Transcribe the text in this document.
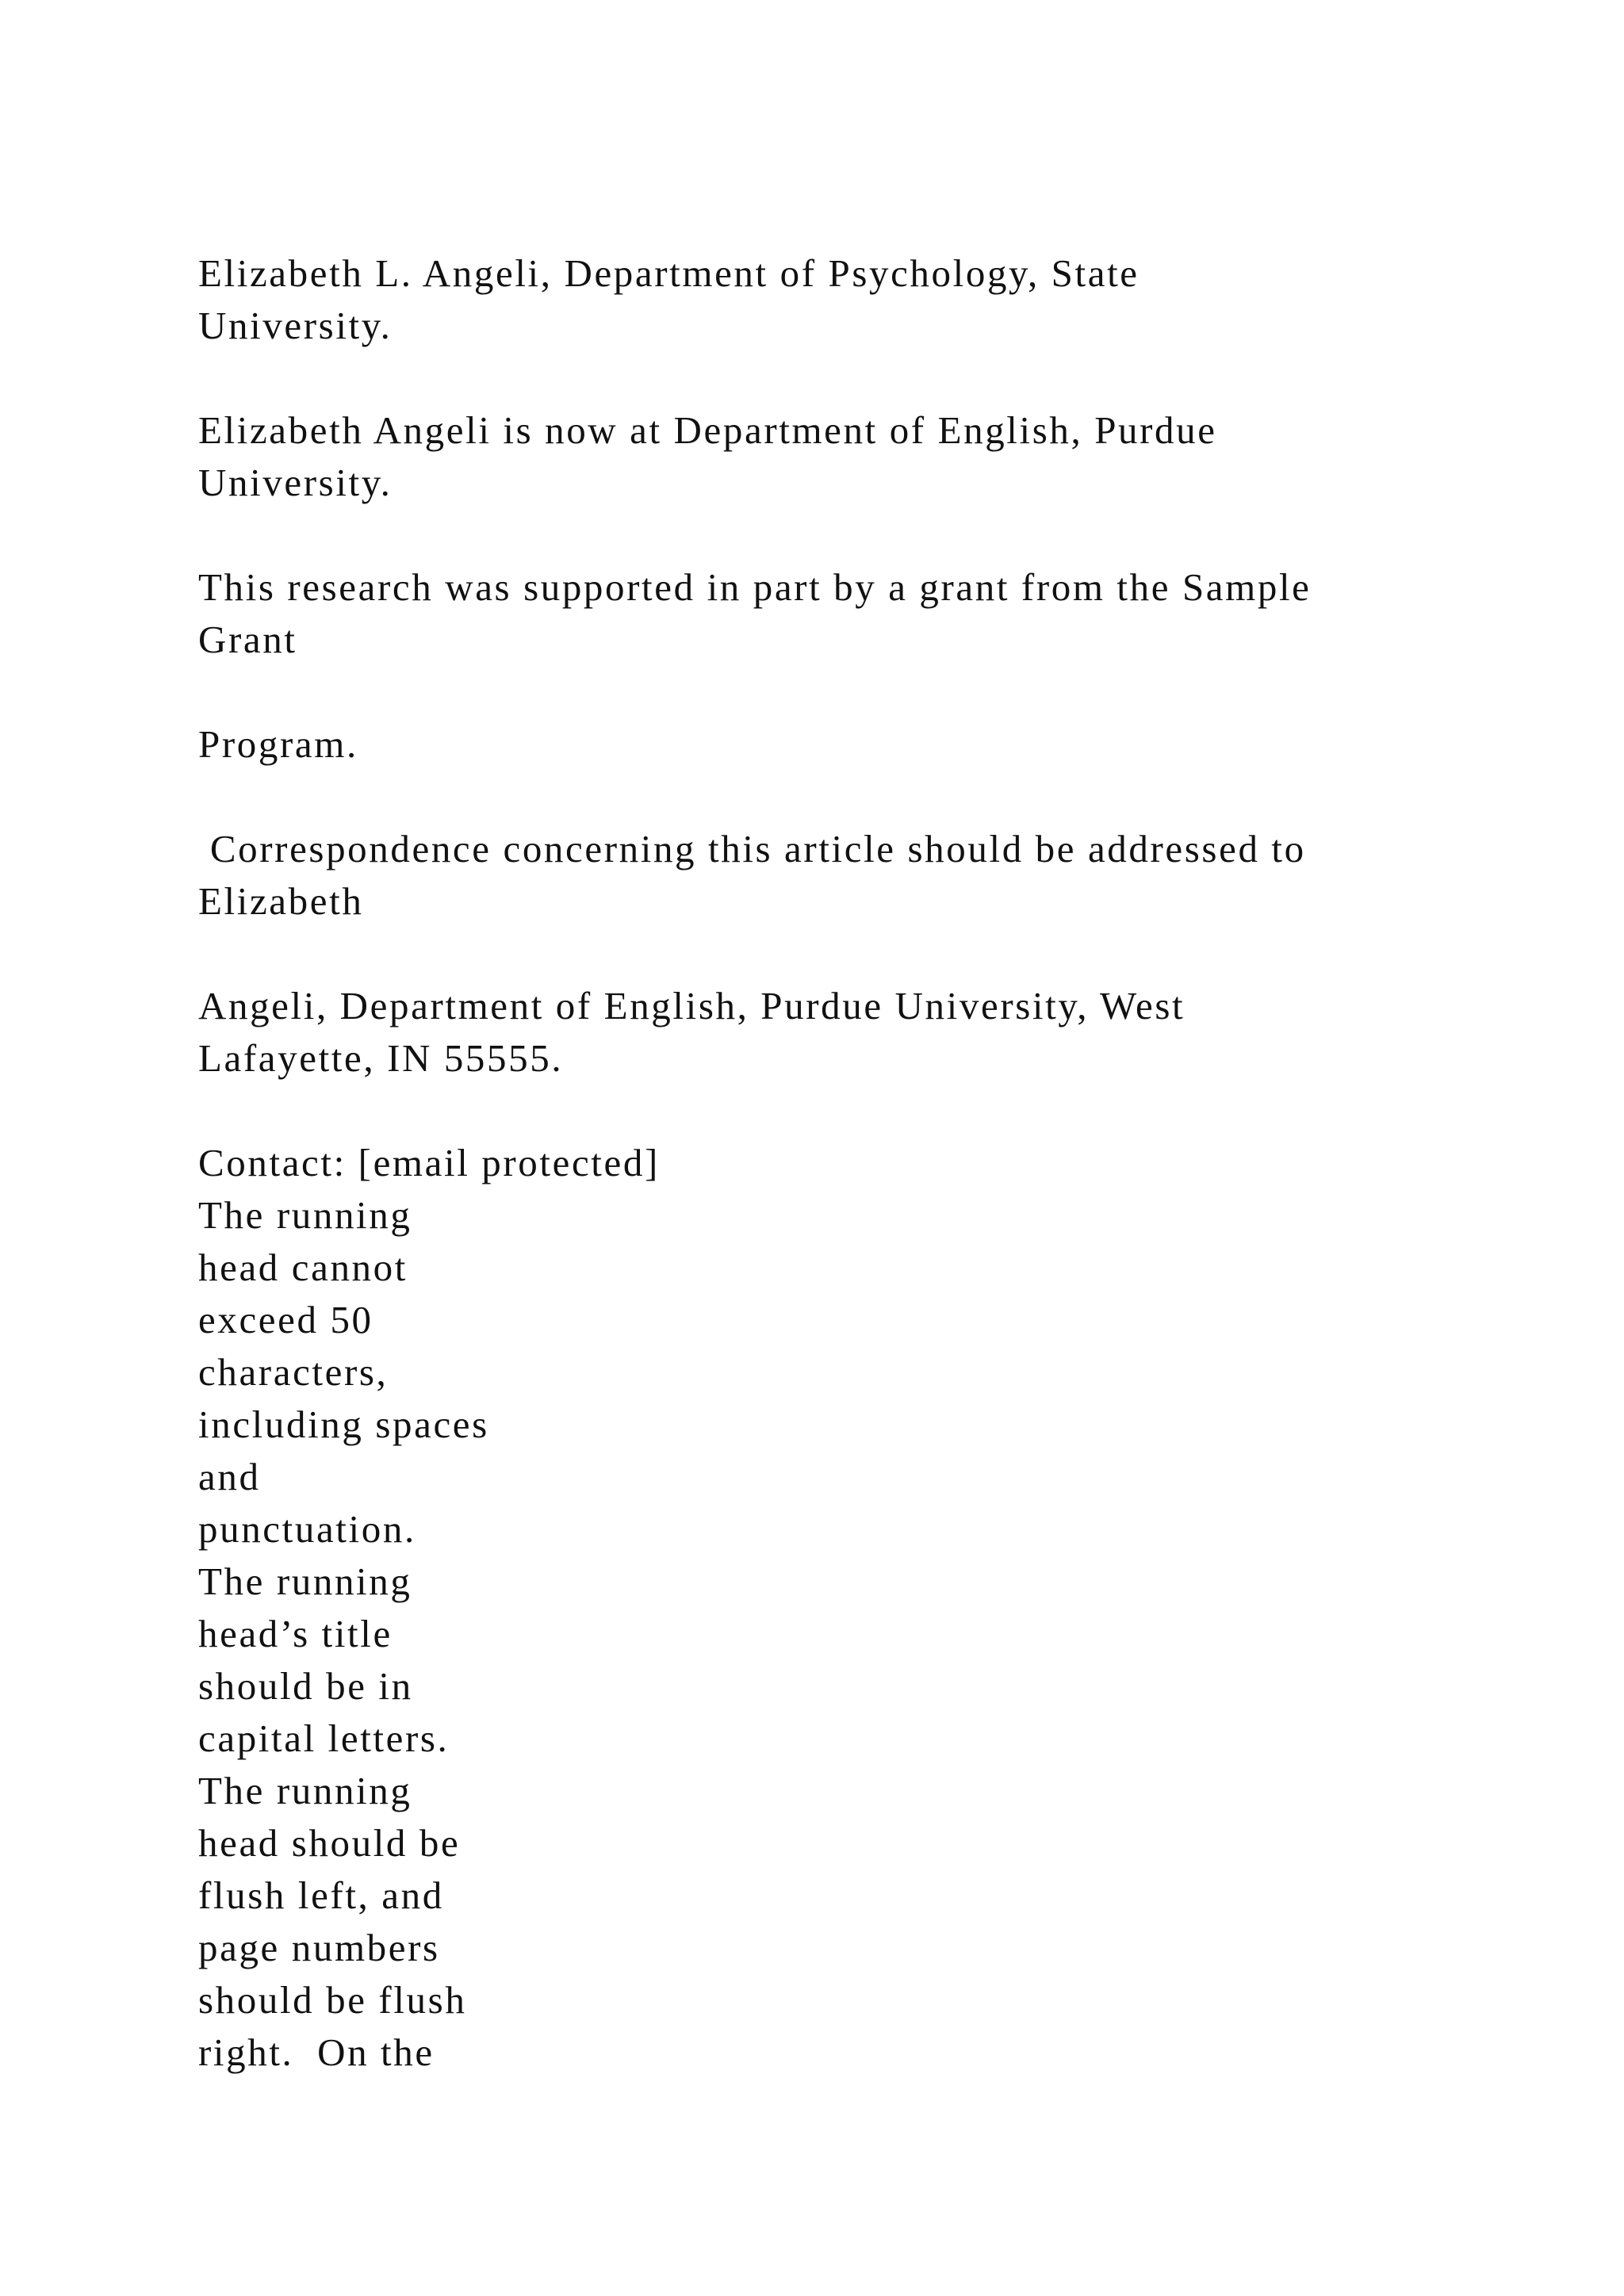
Elizabeth L. Angeli, Department of Psychology, State
University.
Elizabeth Angeli is now at Department of English, Purdue
University.
This research was supported in part by a grant from the Sample
Grant
Program.
Correspondence concerning this article should be addressed to
Elizabeth
Angeli, Department of English, Purdue University, West
Lafayette, IN 55555.
Contact: [email protected]
The running
head cannot
exceed 50
characters,
including spaces
and
punctuation.
The running
head’s title
should be in
capital letters.
The running
head should be
flush left, and
page numbers
should be flush
right.  On the
